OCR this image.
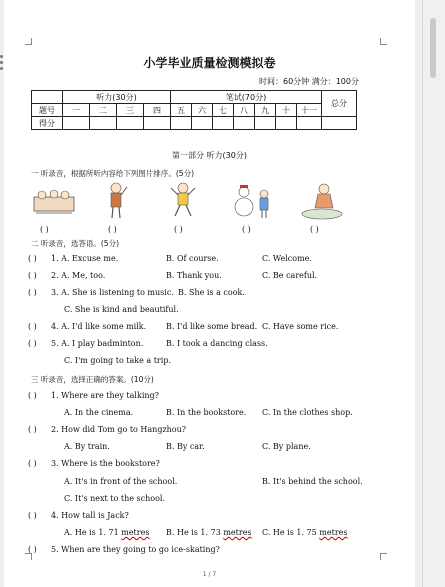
小学毕业质量检测模拟卷
时间：60分钟 满分：100分
	听力(30分)				笔试(70分)							总分
题号	一	二	三	四	五	六	七	八	九	十	十一	
得分												
第一部分 听力(30分)
一 听录音，根据所听内容给下列图片排序。(5分)
( )	( )	( )	( )	( )
二 听录音，选答语。(5分)
( ) 1. A. Excuse me.	B. Of course.	C. Welcome.
( ) 2. A. Me, too.	B. Thank you.	C. Be careful.
( ) 3. A. She is listening to music. B. She is a cook.
C. She is kind and beautiful.
( ) 4. A. I'd like some milk. B. I'd like some bread. C. Have some rice.
( ) 5. A. I play badminton.	B. I took a dancing class.
C. I'm going to take a trip.
三 听录音，选择正确的答案。(10分)
( ) 1. Where are they talking?
A. In the cinema.	B. In the bookstore. C. In the clothes shop.
( ) 2. How did Tom go to Hangzhou?
A. By train.	B. By car.	C. By plane.
( ) 3. Where is the bookstore?
A. It's in front of the school.	B. It's behind the school.
C. It's next to the school.
( ) 4. How tall is Jack?
A. He is 1. 71 metres B. He is 1. 73 metres C. He is 1. 75 metres
( ) 5. When are they going to go ice-skating?
1 / 7
